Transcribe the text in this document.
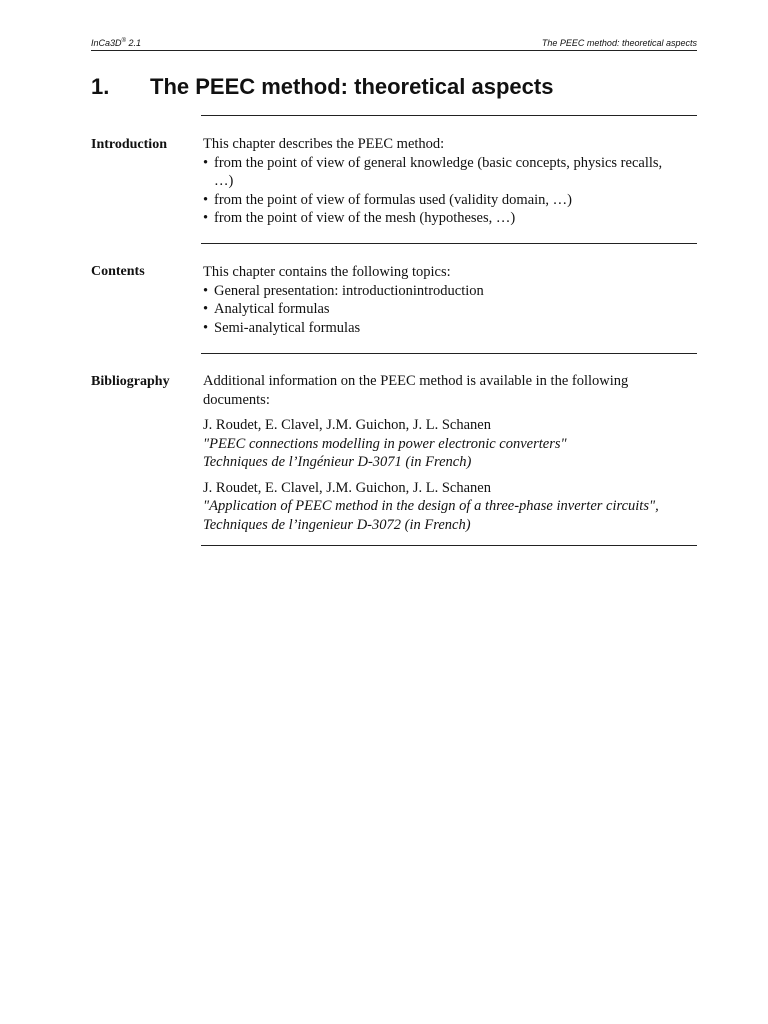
InCa3D® 2.1	The PEEC method: theoretical aspects
1. The PEEC method: theoretical aspects
Introduction This chapter describes the PEEC method:

• from the point of view of general knowledge (basic concepts, physics recalls, …)
• from the point of view of formulas used (validity domain, …)
• from the point of view of the mesh (hypotheses, …)
Contents	This chapter contains the following topics:

• General presentation: introductionintroduction
• Analytical formulas
• Semi-analytical formulas
Bibliography Additional information on the PEEC method is available in the following documents:

J. Roudet, E. Clavel, J.M. Guichon, J. L. Schanen

"PEEC connections modelling in power electronic converters"

Techniques de l’Ingénieur D-3071 (in French)

J. Roudet, E. Clavel, J.M. Guichon, J. L. Schanen

"Application of PEEC method in the design of a three-phase inverter circuits", Techniques de l’ingenieur D-3072 (in French)
